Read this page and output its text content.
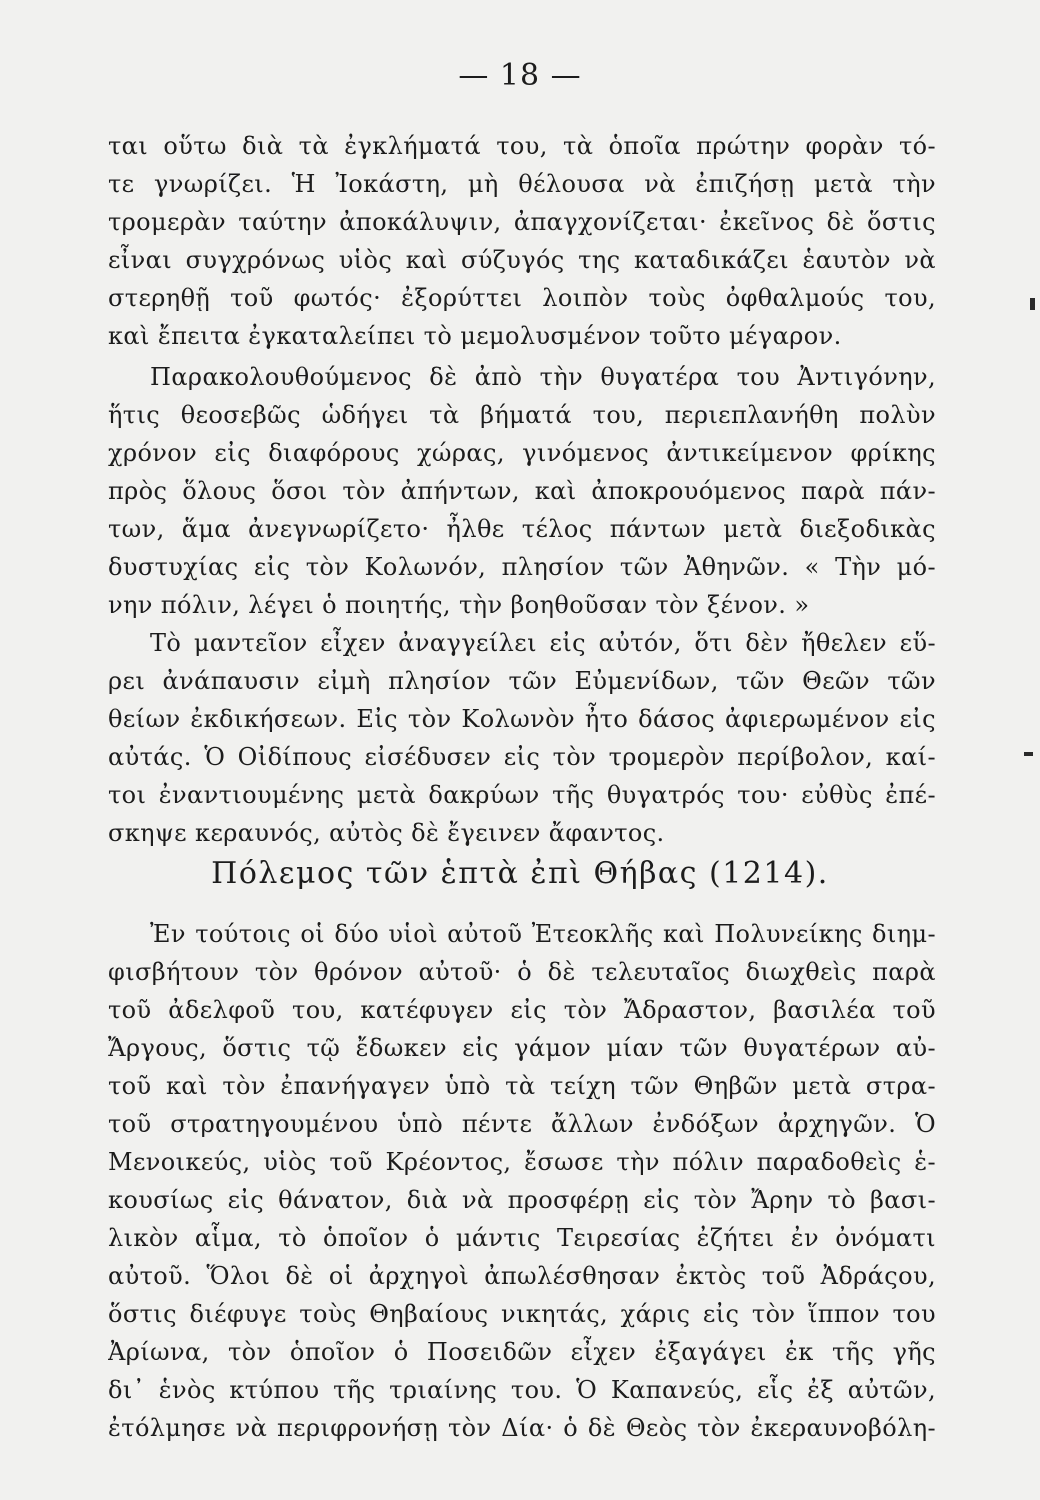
— 18 —
ται οὕτω διὰ τὰ ἐγκλήματά του, τὰ ὁποῖα πρώτην φορὰν τό-
τε γνωρίζει. Ἡ Ἰοκάστη, μὴ θέλουσα νὰ ἐπιζήσῃ μετὰ τὴν
τρομερὰν ταύτην ἀποκάλυψιν, ἀπαγχονίζεται· ἐκεῖνος δὲ ὅστις
εἶναι συγχρόνως υἱὸς καὶ σύζυγός της καταδικάζει ἑαυτὸν νὰ
στερηθῇ τοῦ φωτός· ἐξορύττει λοιπὸν τοὺς ὀφθαλμούς του,
καὶ ἔπειτα ἐγκαταλείπει τὸ μεμολυσμένον τοῦτο μέγαρον.
Παρακολουθούμενος δὲ ἀπὸ τὴν θυγατέρα του Ἀντιγόνην,
ἥτις θεοσεβῶς ὡδήγει τὰ βήματά του, περιεπλανήθη πολὺν
χρόνον εἰς διαφόρους χώρας, γινόμενος ἀντικείμενον φρίκης
πρὸς ὅλους ὅσοι τὸν ἀπήντων, καὶ ἀποκρουόμενος παρὰ πάν-
των, ἅμα ἀνεγνωρίζετο· ἦλθε τέλος πάντων μετὰ διεξοδικὰς
δυστυχίας εἰς τὸν Κολωνόν, πλησίον τῶν Ἀθηνῶν. « Τὴν μό-
νην πόλιν, λέγει ὁ ποιητής, τὴν βοηθοῦσαν τὸν ξένον. »
Τὸ μαντεῖον εἶχεν ἀναγγείλει εἰς αὐτόν, ὅτι δὲν ἤθελεν εὕ-
ρει ἀνάπαυσιν εἰμὴ πλησίον τῶν Εὐμενίδων, τῶν Θεῶν τῶν
θείων ἐκδικήσεων. Εἰς τὸν Κολωνὸν ἦτο δάσος ἀφιερωμένον εἰς
αὐτάς. Ὁ Οἰδίπους εἰσέδυσεν εἰς τὸν τρομερὸν περίβολον, καί-
τοι ἐναντιουμένης μετὰ δακρύων τῆς θυγατρός του· εὐθὺς ἐπέ-
σκηψε κεραυνός, αὐτὸς δὲ ἔγεινεν ἄφαντος.
Πόλεμος τῶν ἑπτὰ ἐπὶ Θήβας (1214).
Ἐν τούτοις οἱ δύο υἱοὶ αὐτοῦ Ἐτεοκλῆς καὶ Πολυνείκης διημ-
φισβήτουν τὸν θρόνον αὐτοῦ· ὁ δὲ τελευταῖος διωχθεὶς παρὰ
τοῦ ἀδελφοῦ του, κατέφυγεν εἰς τὸν Ἄδραστον, βασιλέα τοῦ
Ἄργους, ὅστις τῷ ἔδωκεν εἰς γάμον μίαν τῶν θυγατέρων αὐ-
τοῦ καὶ τὸν ἐπανήγαγεν ὑπὸ τὰ τείχη τῶν Θηβῶν μετὰ στρα-
τοῦ στρατηγουμένου ὑπὸ πέντε ἄλλων ἐνδόξων ἀρχηγῶν. Ὁ
Μενοικεύς, υἱὸς τοῦ Κρέοντος, ἔσωσε τὴν πόλιν παραδοθεὶς ἑ-
κουσίως εἰς θάνατον, διὰ νὰ προσφέρῃ εἰς τὸν Ἄρην τὸ βασι-
λικὸν αἷμα, τὸ ὁποῖον ὁ μάντις Τειρεσίας ἐζήτει ἐν ὀνόματι
αὐτοῦ. Ὅλοι δὲ οἱ ἀρχηγοὶ ἀπωλέσθησαν ἐκτὸς τοῦ Ἀδράςου,
ὅστις διέφυγε τοὺς Θηβαίους νικητάς, χάρις εἰς τὸν ἵππον του
Ἀρίωνα, τὸν ὁποῖον ὁ Ποσειδῶν εἶχεν ἐξαγάγει ἐκ τῆς γῆς
δι᾽ ἑνὸς κτύπου τῆς τριαίνης του. Ὁ Καπανεύς, εἷς ἐξ αὐτῶν,
ἐτόλμησε νὰ περιφρονήσῃ τὸν Δία· ὁ δὲ Θεὸς τὸν ἐκεραυνοβόλη-
